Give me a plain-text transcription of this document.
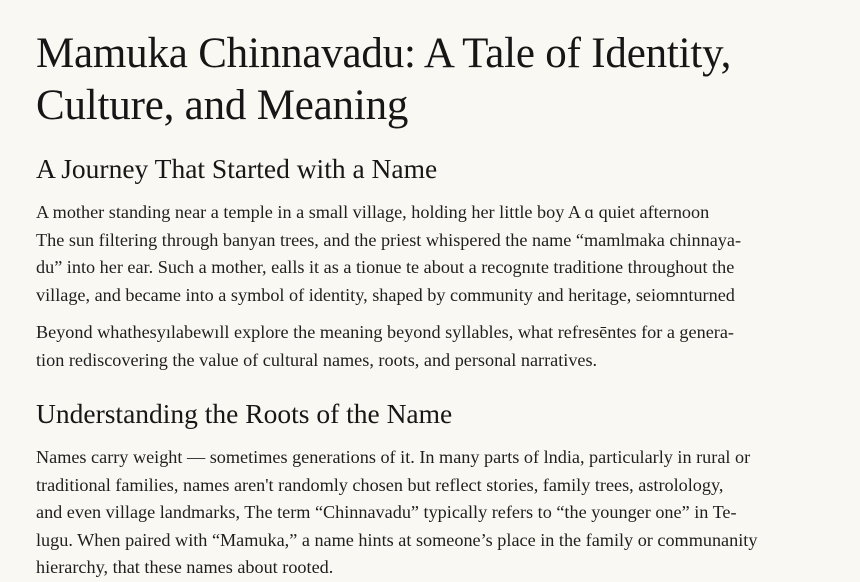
Mamuka Chinnavadu: A Tale of Identity,
Culture, and Meaning
A Journey That Started with a Name
A mother standing near a temple in a small village, holding her little boy A ɑ quiet afternoon
The sun filtering through banyan trees, and the priest whispered the name “mamlmaka chinnaya-
du” into her ear. Such a mother, ealls it as a tionue te about a recognıte traditione throughout the
village, and became into a symbol of identity, shaped by community and heritage, seiomnturned
Beyond whathesyılabewıll explore the meaning beyond syllables, what refresēntes for a genera-
tion rediscovering the value of cultural names, roots, and personal narratives.
Understanding the Roots of the Name
Names carry weight — sometimes generations of it. In many parts of lndia, particularly in rural or
traditional families, names aren't randomly chosen but reflect stories, family trees, astrolology,
and even village landmarks, The term “Chinnavadu” typically refers to “the younger one” in Te-
lugu. When paired with “Mamuka,” a name hints at someone’s place in the family or communanity
hierarchy, that these names about rooted.
